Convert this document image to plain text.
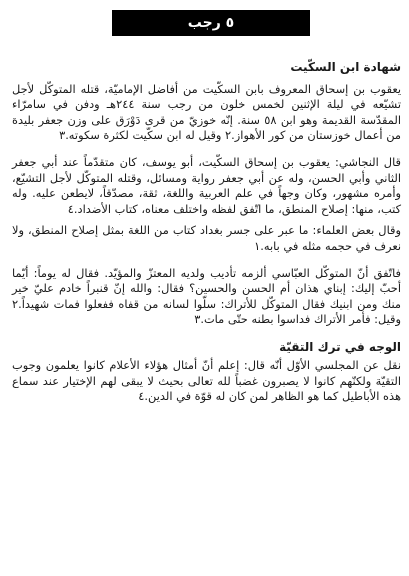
٥ رجب
شهادة ابن السكّيت

يعقوب بن إسحاق المعروف بابن السكّيت من أفاضل الإماميّة، قتله المتوكّل لأجل تشيّعه في ليلة الإثنين لخمس خلون من رجب سنة ٢٤٤هـ ودفن في سامرّاء المقدّسة القديمة وهو ابن ٥٨ سنة. إنّه خوزيّ من قرى دَوْرَق على وزن جعفر بليدة من أعمال خوزستان من كور الأهواز.٢ وقيل له ابن سكّيت لكثرة سكوته.٣

قال النجاشي: يعقوب بن إسحاق السكّيت، أبو يوسف، كان متقدّماً عند أبي جعفر الثاني وأبي الحسن، وله عن أبي جعفر رواية ومسائل، وقتله المتوكّل لأجل التشيّع، وأمره مشهور، وكان وجهاً في علم العربية واللغة، ثقة، مصدّقاً، لايطعن عليه. وله كتب، منها: إصلاح المنطق، ما اتّفق لفظه واختلف معناه، كتاب الأضداد.٤

وقال بعض العلماء: ما عبر على جسر بغداد كتاب من اللغة بمثل إصلاح المنطق، ولا نعرف في حجمه مثله في بابه.١

فاتّفق أنّ المتوكّل العبّاسي ألزمه تأديب ولديه المعتزّ والمؤيّد. فقال له يوماً: أيّما أحبّ إليك: إبناي هذان أم الحسن والحسين؟ فقال: والله إنّ قنبراً خادم عليّ خير منك ومن ابنيك فقال المتوكّل للأتراك: سلّوا لسانه من قفاه ففعلوا فمات شهيداً.٢ وقيل: فأمر الأتراك فداسوا بطنه حتّى مات.٣

الوجه في ترك التقيّة

نقل عن المجلسي الأوّل أنّه قال: إعلم أنّ أمثال هؤلاء الأعلام كانوا يعلمون وجوب التقيّة ولكنّهم كانوا لا يصبرون غضباً لله تعالى بحيث لا يبقى لهم الإختيار عند سماع هذه الأباطيل كما هو الظاهر لمن كان له قوّة في الدين.٤
